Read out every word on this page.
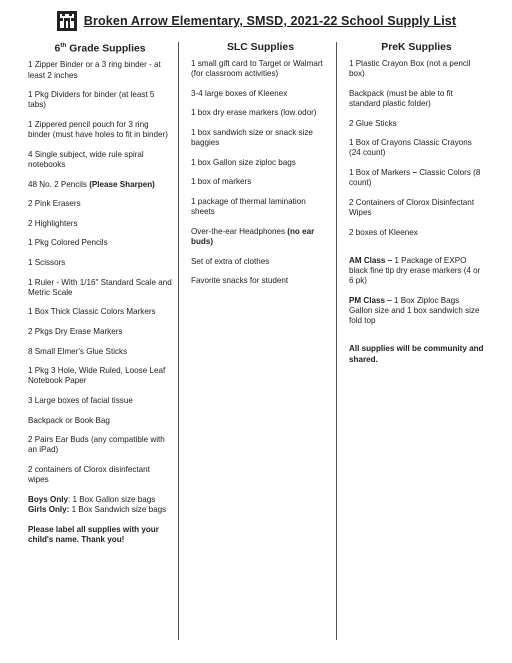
Broken Arrow Elementary, SMSD, 2021-22 School Supply List
6th Grade Supplies
1 Zipper Binder or a 3 ring binder - at least 2 inches
1 Pkg Dividers for binder (at least 5 tabs)
1 Zippered pencil pouch for 3 ring binder (must have holes to fit in binder)
4 Single subject, wide rule spiral notebooks
48 No. 2 Pencils (Please Sharpen)
2 Pink Erasers
2 Highlighters
1 Pkg Colored Pencils
1 Scissors
1 Ruler - With 1/16" Standard Scale and Metric Scale
1 Box Thick Classic Colors Markers
2 Pkgs Dry Erase Markers
8 Small Elmer's Glue Sticks
1 Pkg 3 Hole, Wide Ruled, Loose Leaf Notebook Paper
3 Large boxes of facial tissue
Backpack or Book Bag
2 Pairs Ear Buds (any compatible with an iPad)
2 containers of Clorox disinfectant wipes
Boys Only: 1 Box Gallon size bags
Girls Only: 1 Box Sandwich size bags
Please label all supplies with your child's name. Thank you!
SLC Supplies
1 small gift card to Target or Walmart (for classroom activities)
3-4 large boxes of Kleenex
1 box dry erase markers (low odor)
1 box sandwich size or snack size baggies
1 box Gallon size ziploc bags
1 box of markers
1 package of thermal lamination sheets
Over-the-ear Headphones (no ear buds)
Set of extra of clothes
Favorite snacks for student
PreK Supplies
1 Plastic Crayon Box (not a pencil box)
Backpack (must be able to fit standard plastic folder)
2 Glue Sticks
1 Box of Crayons Classic Crayons (24 count)
1 Box of Markers – Classic Colors (8 count)
2 Containers of Clorox Disinfectant Wipes
2 boxes of Kleenex
AM Class – 1 Package of EXPO black fine tip dry erase markers (4 or 6 pk)
PM Class – 1 Box Ziploc Bags Gallon size and 1 box sandwich size fold top
All supplies will be community and shared.
